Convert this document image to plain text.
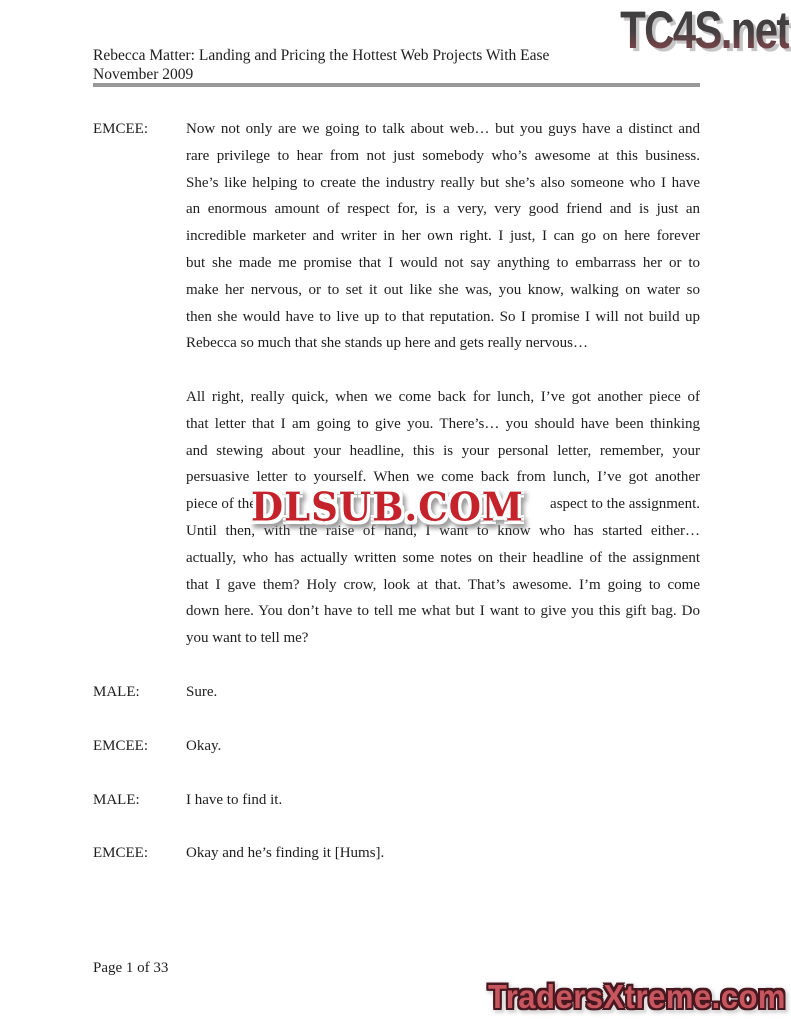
TC4S.net
Rebecca Matter: Landing and Pricing the Hottest Web Projects With Ease
November 2009
EMCEE:	Now not only are we going to talk about web… but you guys have a distinct and
rare privilege to hear from not just somebody who’s awesome at this business.
She’s like helping to create the industry really but she’s also someone who I have
an enormous amount of respect for, is a very, very good friend and is just an
incredible marketer and writer in her own right. I just, I can go on here forever
but she made me promise that I would not say anything to embarrass her or to
make her nervous, or to set it out like she was, you know, walking on water so
then she would have to live up to that reputation. So I promise I will not build up
Rebecca so much that she stands up here and gets really nervous…
All right, really quick, when we come back for lunch, I’ve got another piece of
that letter that I am going to give you. There’s… you should have been thinking
and stewing about your headline, this is your personal letter, remember, your
persuasive letter to yourself. When we come back from lunch, I’ve got another
piece of the	aspect to the assignment.
Until then, with the raise of hand, I want to know who has started either…
actually, who has actually written some notes on their headline of the assignment
that I gave them? Holy crow, look at that. That’s awesome. I’m going to come
down here. You don’t have to tell me what but I want to give you this gift bag. Do
you want to tell me?
MALE:	Sure.
EMCEE:	Okay.
MALE:	I have to find it.
EMCEE:	Okay and he’s finding it [Hums].
DLSUB.COM
Page 1 of 33
TradersXtreme.com
